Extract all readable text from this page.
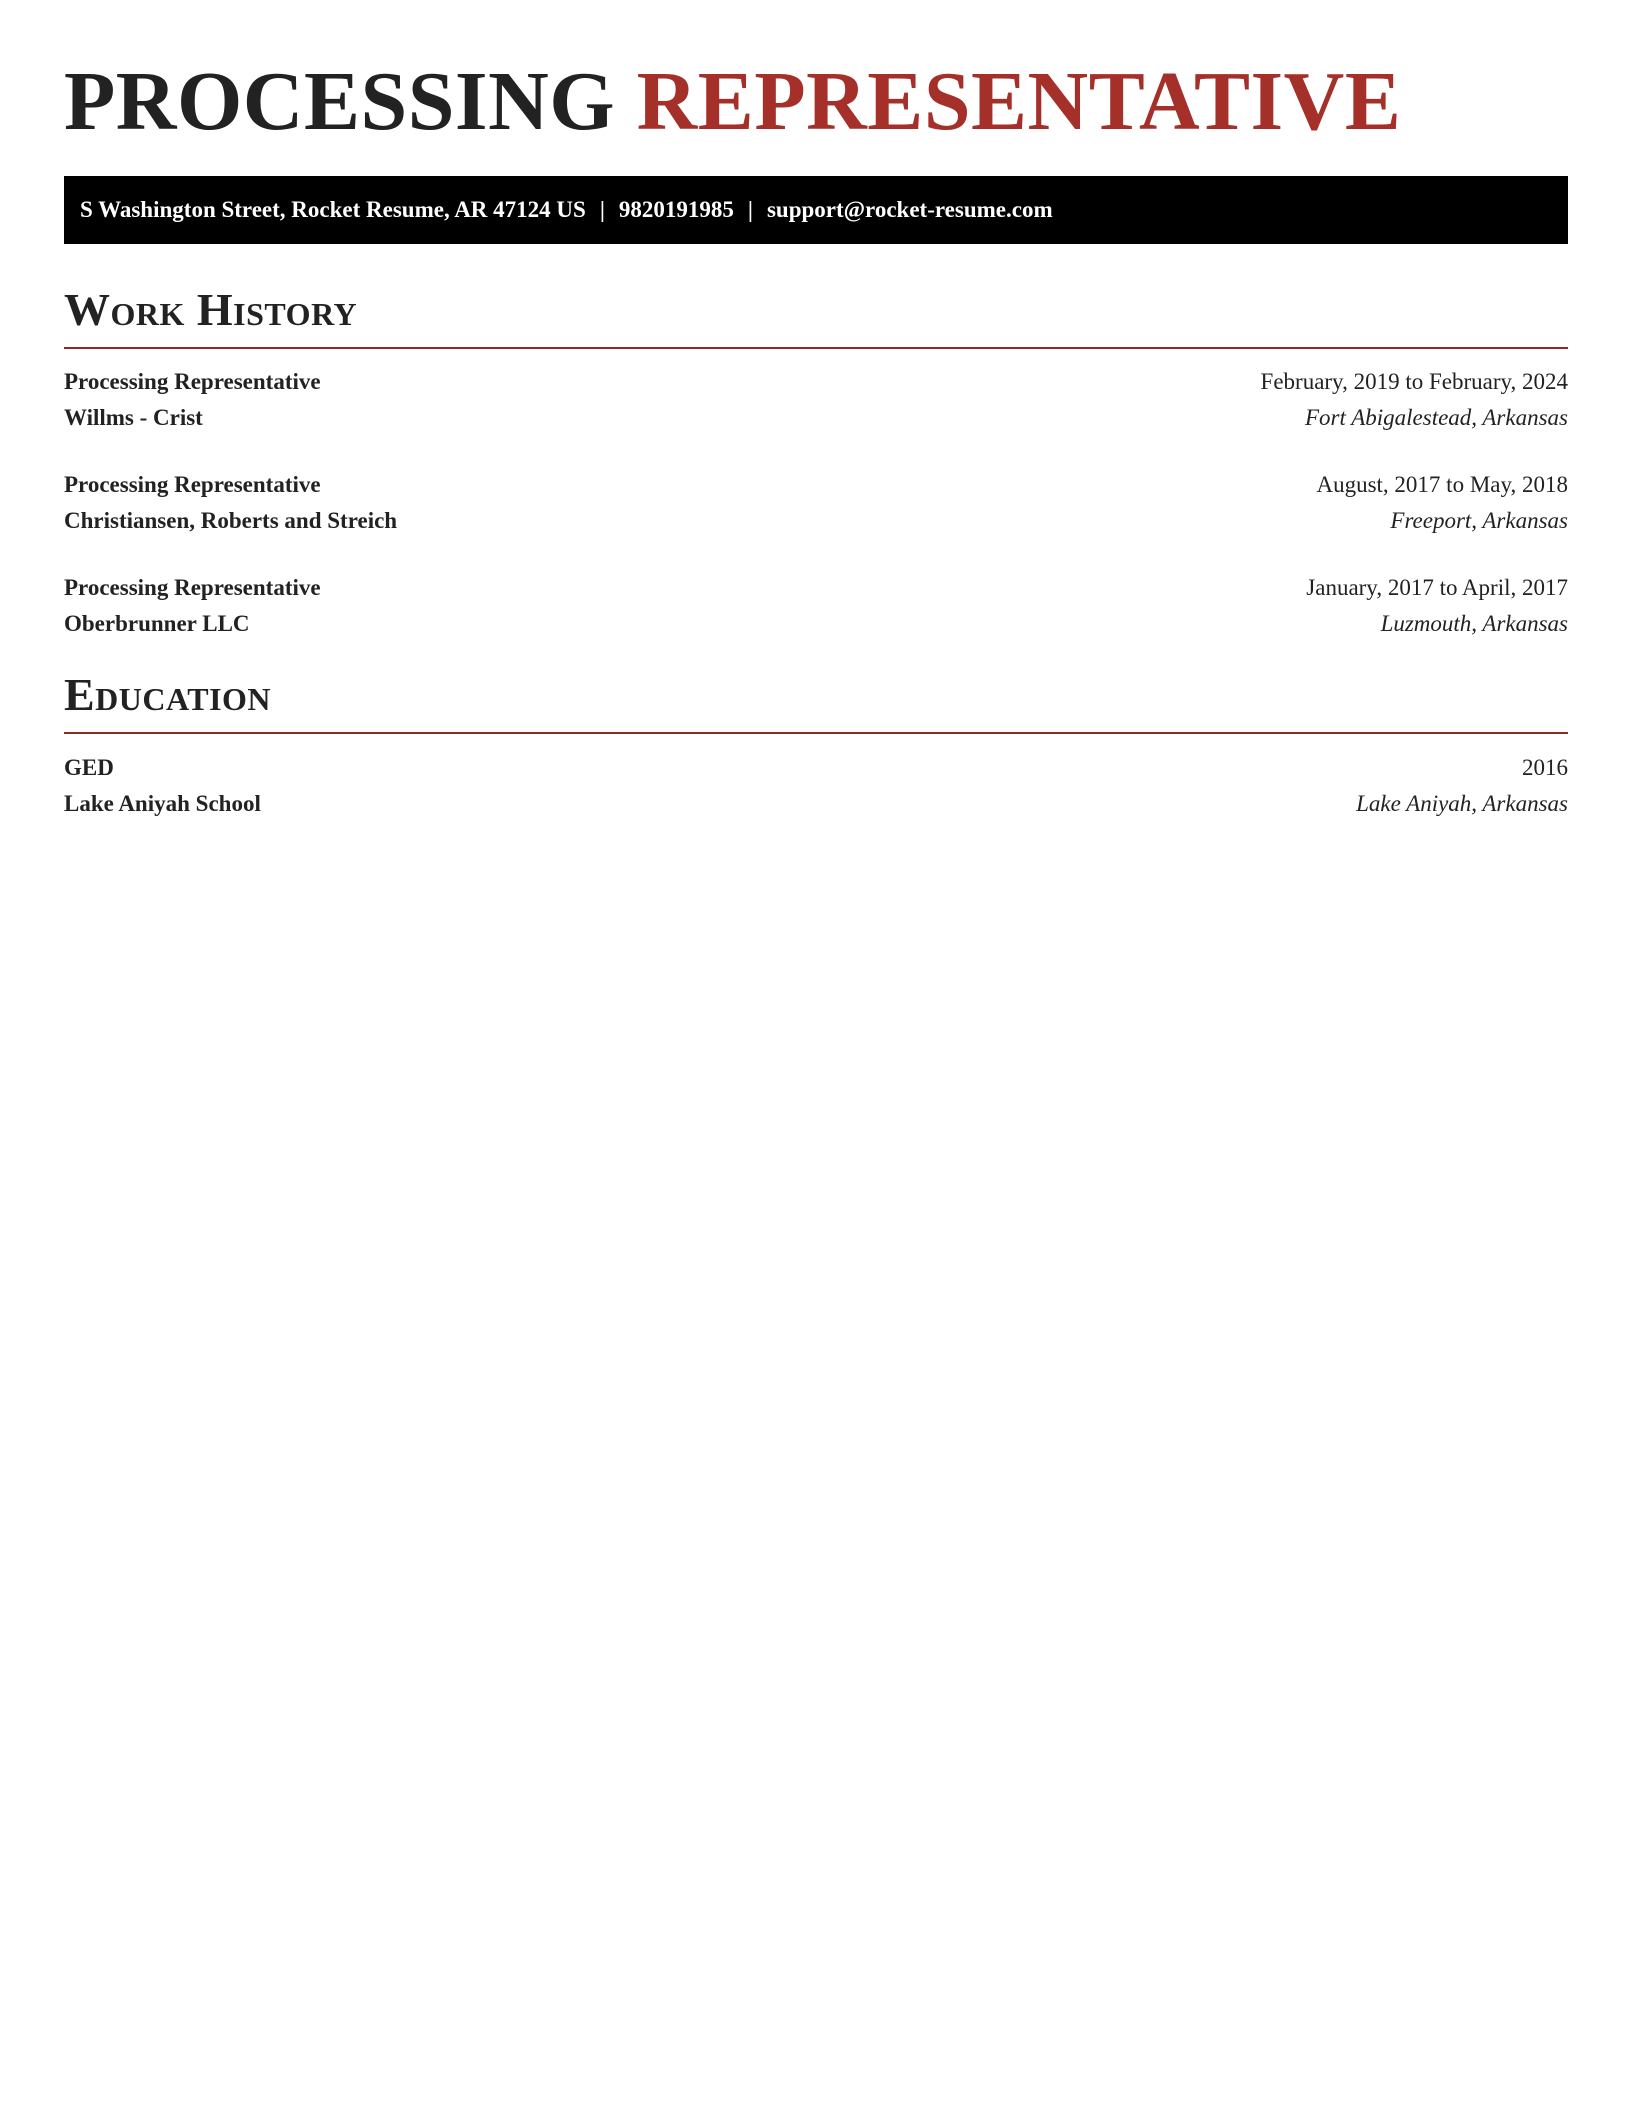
PROCESSING REPRESENTATIVE
S Washington Street, Rocket Resume, AR 47124 US | 9820191985 | support@rocket-resume.com
Work History
Processing Representative	February, 2019 to February, 2024
Willms - Crist	Fort Abigalestead, Arkansas
Processing Representative	August, 2017 to May, 2018
Christiansen, Roberts and Streich	Freeport, Arkansas
Processing Representative	January, 2017 to April, 2017
Oberbrunner LLC	Luzmouth, Arkansas
Education
GED	2016
Lake Aniyah School	Lake Aniyah, Arkansas
